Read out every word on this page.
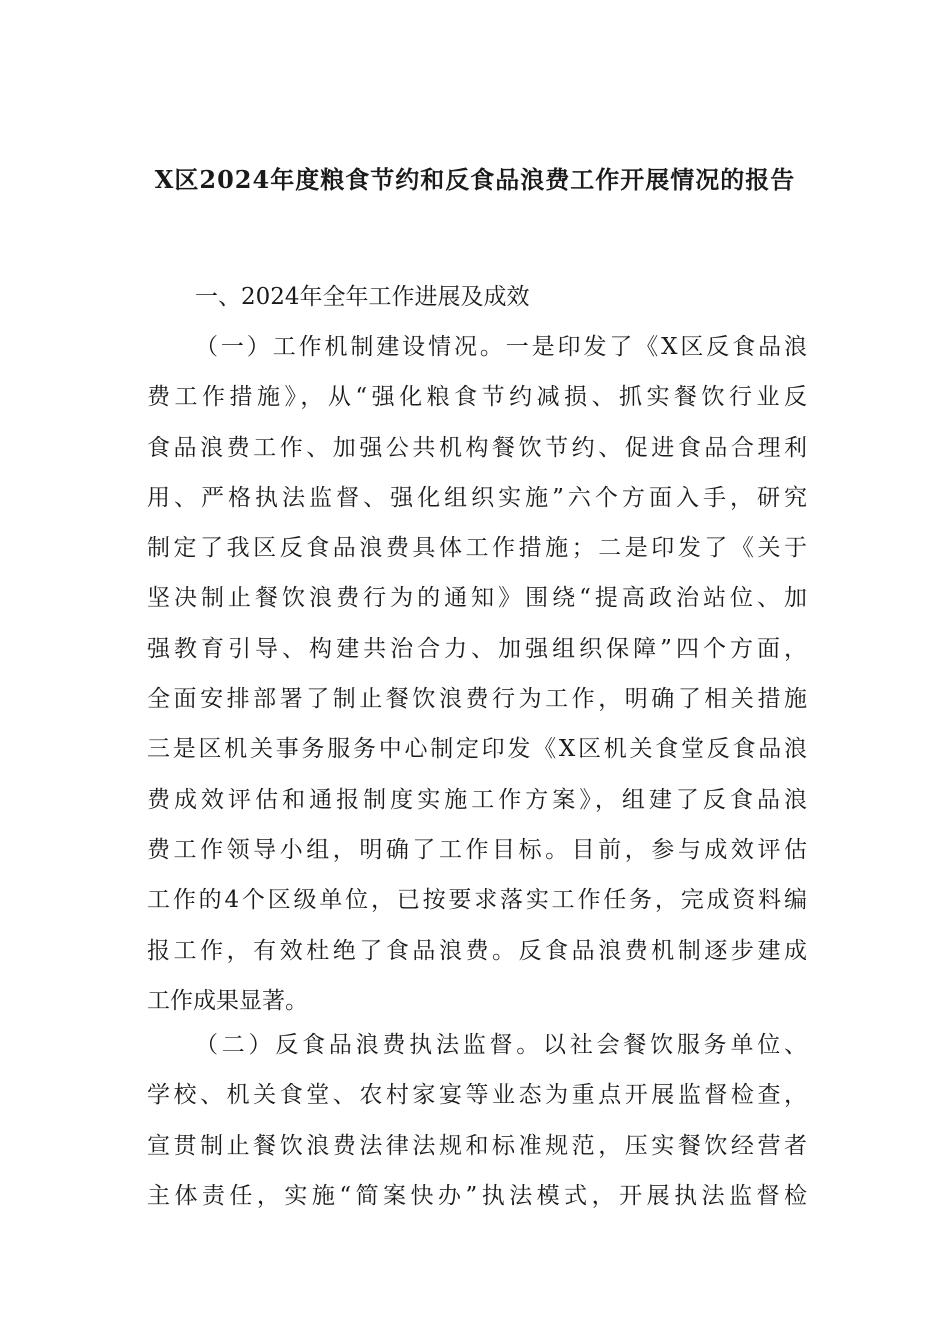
X区2024年度粮食节约和反食品浪费工作开展情况的报告
一、2024年全年工作进展及成效
（一）工作机制建设情况。一是印发了《X区反食品浪
费工作措施》，从“强化粮食节约减损、抓实餐饮行业反
食品浪费工作、加强公共机构餐饮节约、促进食品合理利
用、严格执法监督、强化组织实施”六个方面入手，研究
制定了我区反食品浪费具体工作措施；二是印发了《关于
坚决制止餐饮浪费行为的通知》围绕“提高政治站位、加
强教育引导、构建共治合力、加强组织保障”四个方面，
全面安排部署了制止餐饮浪费行为工作，明确了相关措施
三是区机关事务服务中心制定印发《X区机关食堂反食品浪
费成效评估和通报制度实施工作方案》，组建了反食品浪
费工作领导小组，明确了工作目标。目前，参与成效评估
工作的4个区级单位，已按要求落实工作任务，完成资料编
报工作，有效杜绝了食品浪费。反食品浪费机制逐步建成
工作成果显著。
（二）反食品浪费执法监督。以社会餐饮服务单位、
学校、机关食堂、农村家宴等业态为重点开展监督检查，
宣贯制止餐饮浪费法律法规和标准规范，压实餐饮经营者
主体责任，实施“简案快办”执法模式，开展执法监督检
